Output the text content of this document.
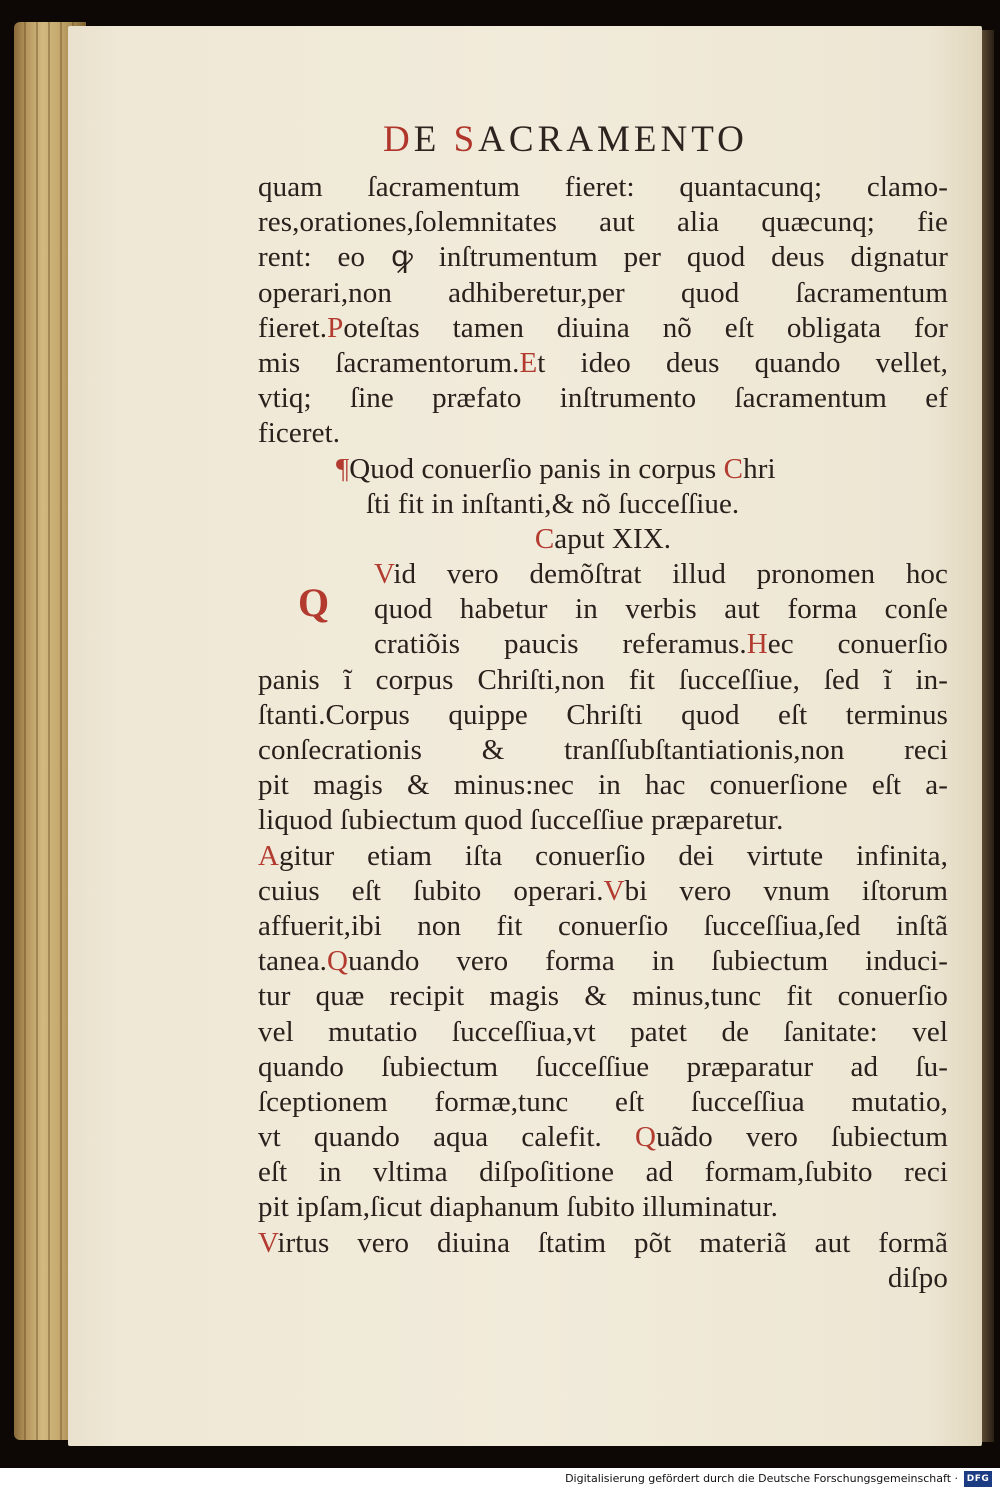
DE SACRAMENTO
Q
quam ſacramentum fieret: quantacunq; clamo-
res,orationes,ſolemnitates aut alia quæcunq; fie
rent: eo ꝙ inſtrumentum per quod deus dignatur
operari,non adhiberetur,per quod ſacramentum
fieret.Poteſtas tamen diuina nõ eſt obligata for
mis ſacramentorum.Et ideo deus quando vellet,
vtiq; ſine præfato inſtrumento ſacramentum ef
ficeret.
¶Quod conuerſio panis in corpus Chri
ſti fit in inſtanti,& nõ ſucceſſiue.
Caput XIX.
Vid vero demõſtrat illud pronomen hoc
quod habetur in verbis aut forma conſe
cratiõis paucis referamus.Hec conuerſio
panis ĩ corpus Chriſti,non fit ſucceſſiue, ſed ĩ in-
ſtanti.Corpus quippe Chriſti quod eſt terminus
conſecrationis & tranſſubſtantiationis,non reci
pit magis & minus:nec in hac conuerſione eſt a-
liquod ſubiectum quod ſucceſſiue præparetur.
Agitur etiam iſta conuerſio dei virtute infinita,
cuius eſt ſubito operari.Vbi vero vnum iſtorum
affuerit,ibi non fit conuerſio ſucceſſiua,ſed inſtã
tanea.Quando vero forma in ſubiectum induci-
tur quæ recipit magis & minus,tunc fit conuerſio
vel mutatio ſucceſſiua,vt patet de ſanitate: vel
quando ſubiectum ſucceſſiue præparatur ad ſu-
ſceptionem formæ,tunc eſt ſucceſſiua mutatio,
vt quando aqua calefit. Quãdo vero ſubiectum
eſt in vltima diſpoſitione ad formam,ſubito reci
pit ipſam,ſicut diaphanum ſubito illuminatur.
Virtus vero diuina ſtatim põt materiã aut formã
diſpo
Digitalisierung gefördert durch die Deutsche Forschungsgemeinschaft · DFG
